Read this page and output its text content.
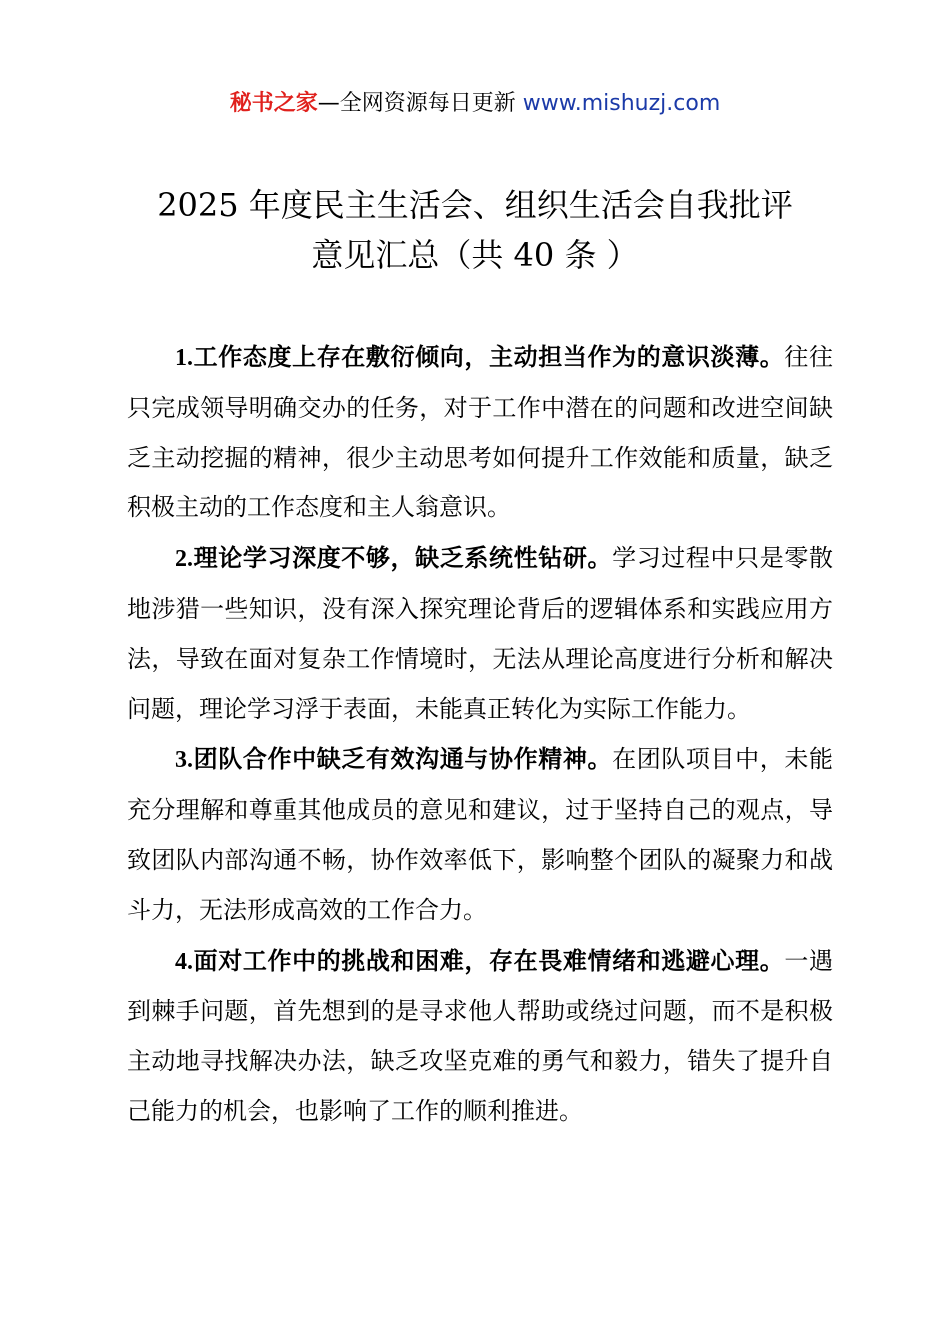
秘书之家—全网资源每日更新 www.mishuzj.com
2025 年度民主生活会、组织生活会自我批评
意见汇总（共 40 条 ）

1.工作态度上存在敷衍倾向，主动担当作为的意识淡薄。往往只完成领导明确交办的任务，对于工作中潜在的问题和改进空间缺乏主动挖掘的精神，很少主动思考如何提升工作效能和质量，缺乏积极主动的工作态度和主人翁意识。

2.理论学习深度不够，缺乏系统性钻研。学习过程中只是零散地涉猎一些知识，没有深入探究理论背后的逻辑体系和实践应用方法，导致在面对复杂工作情境时，无法从理论高度进行分析和解决问题，理论学习浮于表面，未能真正转化为实际工作能力。

3.团队合作中缺乏有效沟通与协作精神。在团队项目中，未能充分理解和尊重其他成员的意见和建议，过于坚持自己的观点，导致团队内部沟通不畅，协作效率低下，影响整个团队的凝聚力和战斗力，无法形成高效的工作合力。

4.面对工作中的挑战和困难，存在畏难情绪和逃避心理。一遇到棘手问题，首先想到的是寻求他人帮助或绕过问题，而不是积极主动地寻找解决办法，缺乏攻坚克难的勇气和毅力，错失了提升自己能力的机会，也影响了工作的顺利推进。
